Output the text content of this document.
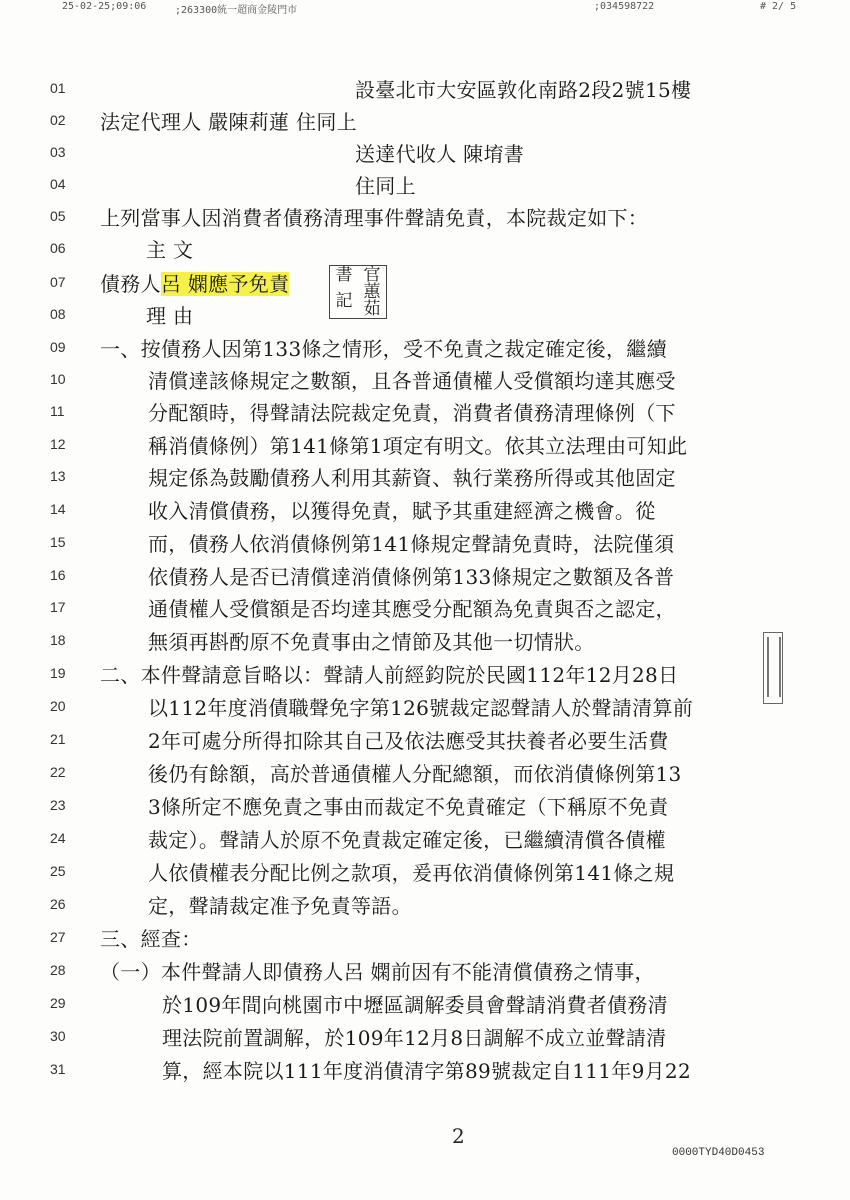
25-02-25;09:06	;263300統一超商金陵門市	;034598722	# 2/ 5
01	設臺北市大安區敦化南路2段2號15樓
02	法定代理人 嚴陳莉蓮 住同上
03	送達代收人 陳堉書
04	住同上
05	上列當事人因消費者債務清理事件聲請免責，本院裁定如下：
06	主 文
07	債務人呂 嫻應予免責
08	理 由
09	一、按債務人因第133條之情形，受不免責之裁定確定後，繼續
10	清償達該條規定之數額，且各普通債權人受償額均達其應受
11	分配額時，得聲請法院裁定免責，消費者債務清理條例（下
12	稱消債條例）第141條第1項定有明文。依其立法理由可知此
13	規定係為鼓勵債務人利用其薪資、執行業務所得或其他固定
14	收入清償債務，以獲得免責，賦予其重建經濟之機會。從
15	而，債務人依消債條例第141條規定聲請免責時，法院僅須
16	依債務人是否已清償達消債條例第133條規定之數額及各普
17	通債權人受償額是否均達其應受分配額為免責與否之認定，
18	無須再斟酌原不免責事由之情節及其他一切情狀。
19	二、本件聲請意旨略以：聲請人前經鈞院於民國112年12月28日
20	以112年度消債職聲免字第126號裁定認聲請人於聲請清算前
21	2年可處分所得扣除其自己及依法應受其扶養者必要生活費
22	後仍有餘額，高於普通債權人分配總額，而依消債條例第13
23	3條所定不應免責之事由而裁定不免責確定（下稱原不免責
24	裁定）。聲請人於原不免責裁定確定後，已繼續清償各債權
25	人依債權表分配比例之款項，爰再依消債條例第141條之規
26	定，聲請裁定准予免責等語。
27	三、經查：
28	（一）本件聲請人即債務人呂 嫻前因有不能清償債務之情事，
29	於109年間向桃園市中壢區調解委員會聲請消費者債務清
30	理法院前置調解，於109年12月8日調解不成立並聲請清
31	算，經本院以111年度消債清字第89號裁定自111年9月22
書 官
記 蕙茹
2
0000TYD40D0453
